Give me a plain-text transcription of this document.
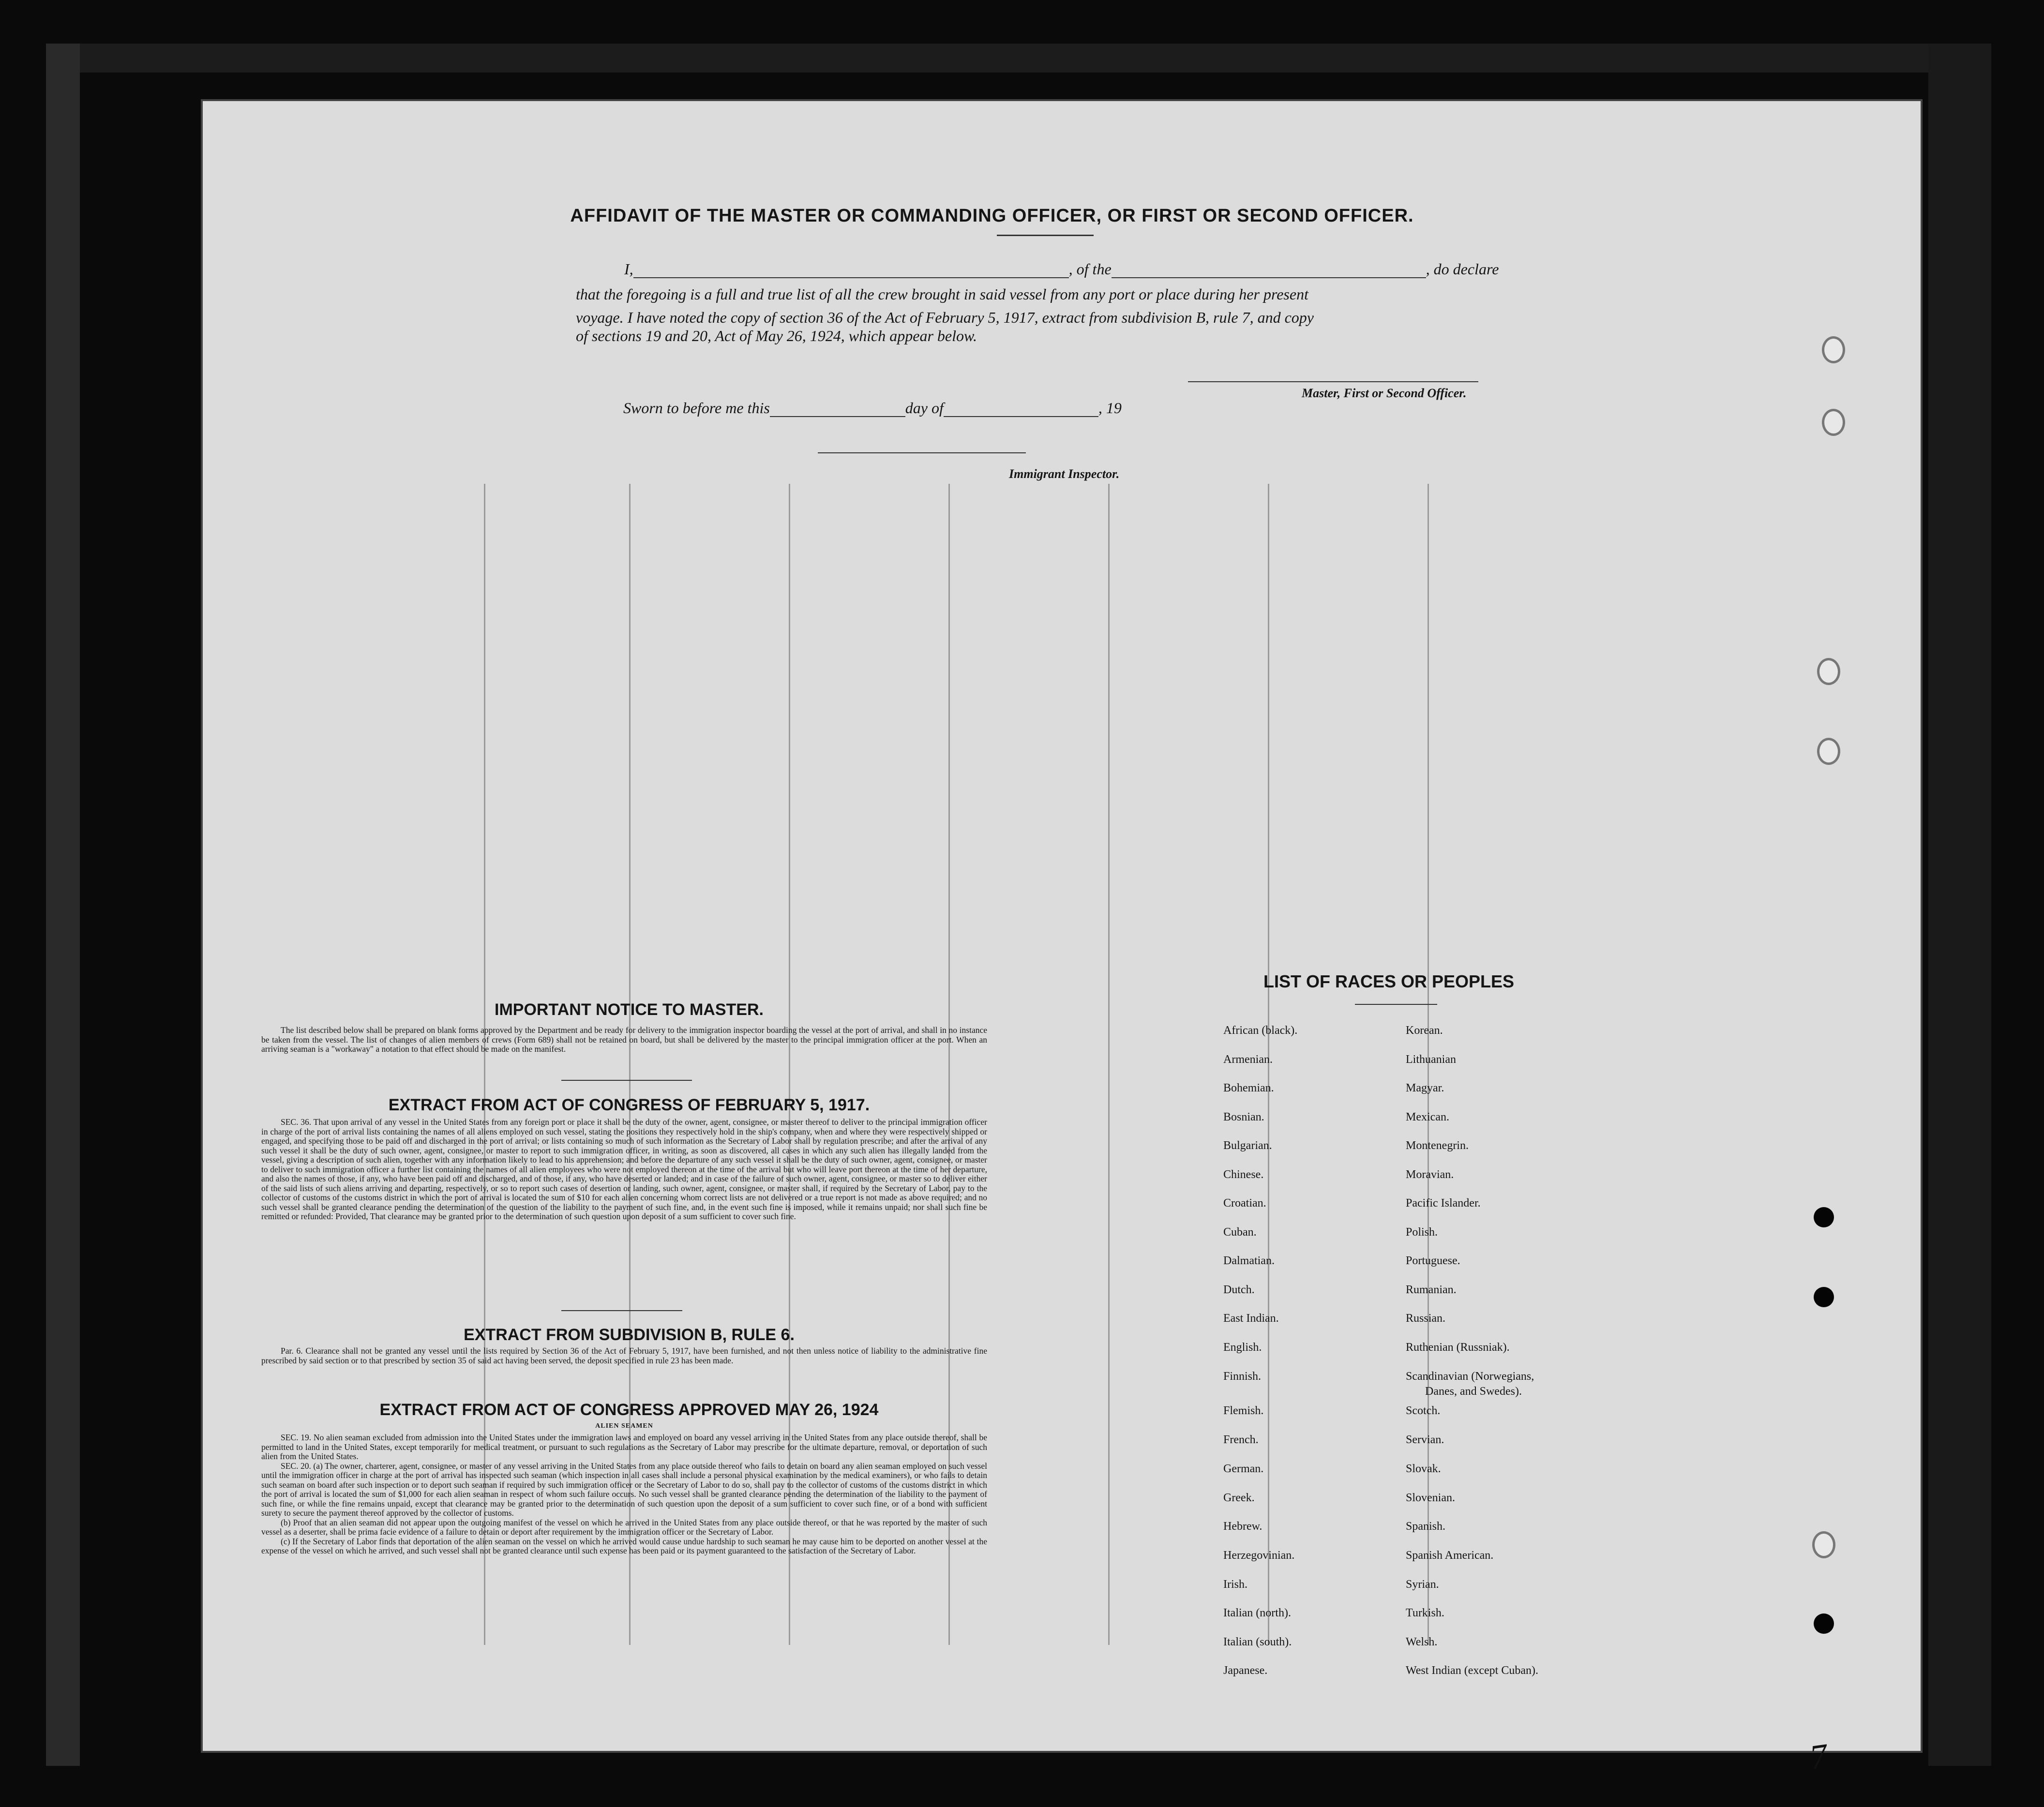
AFFIDAVIT OF THE MASTER OR COMMANDING OFFICER, OR FIRST OR SECOND OFFICER.
I,	, of the	, do declare
that the foregoing is a full and true list of all the crew brought in said vessel from any port or place during her present
voyage. I have noted the copy of section 36 of the Act of February 5, 1917, extract from subdivision B, rule 7, and copy
of sections 19 and 20, Act of May 26, 1924, which appear below.
Master, First or Second Officer.
Sworn to before me this	day of	, 19
Immigrant Inspector.
IMPORTANT NOTICE TO MASTER.

The list described below shall be prepared on blank forms approved by the Department and be ready for delivery to the immigration inspector boarding the vessel at the port of arrival, and shall in no instance be taken from the vessel. The list of changes of alien members of crews (Form 689) shall not be retained on board, but shall be delivered by the master to the principal immigration officer at the port. When an arriving seaman is a "workaway" a notation to that effect should be made on the manifest.

EXTRACT FROM ACT OF CONGRESS OF FEBRUARY 5, 1917.

SEC. 36. That upon arrival of any vessel in the United States from any foreign port or place it shall be the duty of the owner, agent, consignee, or master thereof to deliver to the principal immigration officer in charge of the port of arrival lists containing the names of all aliens employed on such vessel, stating the positions they respectively hold in the ship's company, when and where they were respectively shipped or engaged, and specifying those to be paid off and discharged in the port of arrival; or lists containing so much of such information as the Secretary of Labor shall by regulation prescribe; and after the arrival of any such vessel it shall be the duty of such owner, agent, consignee, or master to report to such immigration officer, in writing, as soon as discovered, all cases in which any such alien has illegally landed from the vessel, giving a description of such alien, together with any information likely to lead to his apprehension; and before the departure of any such vessel it shall be the duty of such owner, agent, consignee, or master to deliver to such immigration officer a further list containing the names of all alien employees who were not employed thereon at the time of the arrival but who will leave port thereon at the time of her departure, and also the names of those, if any, who have been paid off and discharged, and of those, if any, who have deserted or landed; and in case of the failure of such owner, agent, consignee, or master so to deliver either of the said lists of such aliens arriving and departing, respectively, or so to report such cases of desertion or landing, such owner, agent, consignee, or master shall, if required by the Secretary of Labor, pay to the collector of customs of the customs district in which the port of arrival is located the sum of $10 for each alien concerning whom correct lists are not delivered or a true report is not made as above required; and no such vessel shall be granted clearance pending the determination of the question of the liability to the payment of such fine, and, in the event such fine is imposed, while it remains unpaid; nor shall such fine be remitted or refunded: Provided, That clearance may be granted prior to the determination of such question upon deposit of a sum sufficient to cover such fine.

EXTRACT FROM SUBDIVISION B, RULE 6.

Par. 6. Clearance shall not be granted any vessel until the lists required by Section 36 of the Act of February 5, 1917, have been furnished, and not then unless notice of liability to the administrative fine prescribed by said section or to that prescribed by section 35 of said act having been served, the deposit specified in rule 23 has been made.

EXTRACT FROM ACT OF CONGRESS APPROVED MAY 26, 1924
ALIEN SEAMEN

SEC. 19. No alien seaman excluded from admission into the United States under the immigration laws and employed on board any vessel arriving in the United States from any place outside thereof, shall be permitted to land in the United States, except temporarily for medical treatment, or pursuant to such regulations as the Secretary of Labor may prescribe for the ultimate departure, removal, or deportation of such alien from the United States.

SEC. 20. (a) The owner, charterer, agent, consignee, or master of any vessel arriving in the United States from any place outside thereof who fails to detain on board any alien seaman employed on such vessel until the immigration officer in charge at the port of arrival has inspected such seaman (which inspection in all cases shall include a personal physical examination by the medical examiners), or who fails to detain such seaman on board after such inspection or to deport such seaman if required by such immigration officer or the Secretary of Labor to do so, shall pay to the collector of customs of the customs district in which the port of arrival is located the sum of $1,000 for each alien seaman in respect of whom such failure occurs. No such vessel shall be granted clearance pending the determination of the liability to the payment of such fine, or while the fine remains unpaid, except that clearance may be granted prior to the determination of such question upon the deposit of a sum sufficient to cover such fine, or of a bond with sufficient surety to secure the payment thereof approved by the collector of customs.

(b) Proof that an alien seaman did not appear upon the outgoing manifest of the vessel on which he arrived in the United States from any place outside thereof, or that he was reported by the master of such vessel as a deserter, shall be prima facie evidence of a failure to detain or deport after requirement by the immigration officer or the Secretary of Labor.

(c) If the Secretary of Labor finds that deportation of the alien seaman on the vessel on which he arrived would cause undue hardship to such seaman he may cause him to be deported on another vessel at the expense of the vessel on which he arrived, and such vessel shall not be granted clearance until such expense has been paid or its payment guaranteed to the satisfaction of the Secretary of Labor.

LIST OF RACES OR PEOPLES
African (black).
Armenian.
Bohemian.
Bosnian.
Bulgarian.
Chinese.
Croatian.
Cuban.
Dalmatian.
Dutch.
East Indian.
English.
Finnish.
Flemish.
French.
German.
Greek.
Hebrew.
Herzegovinian.
Irish.
Italian (north).
Italian (south).
Japanese.
Korean.
Lithuanian
Magyar.
Mexican.
Montenegrin.
Moravian.
Pacific Islander.
Polish.
Portuguese.
Rumanian.
Russian.
Ruthenian (Russniak).
Scandinavian (Norwegians,
Danes, and Swedes).
Scotch.
Servian.
Slovak.
Slovenian.
Spanish.
Spanish American.
Syrian.
Turkish.
Welsh.
West Indian (except Cuban).
7
